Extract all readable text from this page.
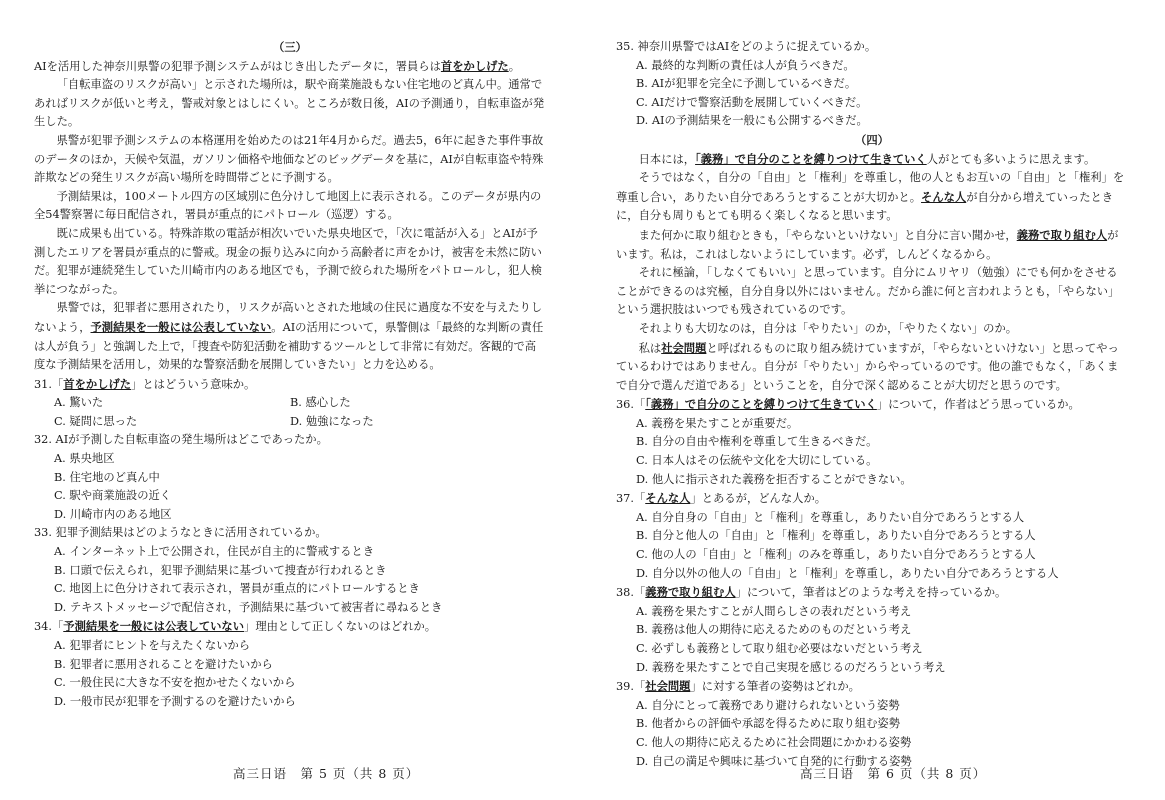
（三）

AIを活用した神奈川県警の犯罪予測システムがはじき出したデータに，署員らは首をかしげた。

「自転車盗のリスクが高い」と示された場所は，駅や商業施設もない住宅地のど真ん中。通常であればリスクが低いと考え，警戒対象とはしにくい。ところが数日後，AIの予測通り，自転車盗が発生した。

県警が犯罪予測システムの本格運用を始めたのは21年4月からだ。過去5，6年に起きた事件事故のデータのほか，天候や気温，ガソリン価格や地価などのビッグデータを基に，AIが自転車盗や特殊詐欺などの発生リスクが高い場所を時間帯ごとに予測する。

予測結果は，100メートル四方の区域別に色分けして地図上に表示される。このデータが県内の全54警察署に毎日配信され，署員が重点的にパトロール（巡逻）する。

既に成果も出ている。特殊詐欺の電話が相次いでいた県央地区で，「次に電話が入る」とAIが予測したエリアを署員が重点的に警戒。現金の振り込みに向かう高齢者に声をかけ，被害を未然に防いだ。犯罪が連続発生していた川崎市内のある地区でも，予測で絞られた場所をパトロールし，犯人検挙につながった。

県警では，犯罪者に悪用されたり，リスクが高いとされた地域の住民に過度な不安を与えたりしないよう，予測結果を一般には公表していない。AIの活用について，県警側は「最終的な判断の責任は人が負う」と強調した上で，「捜査や防犯活動を補助するツールとして非常に有効だ。客観的で高度な予測結果を活用し，効果的な警察活動を展開していきたい」と力を込める。

31.「首をかしげた」とはどういう意味か。
A. 驚いた	B. 感心した
C. 疑問に思った	D. 勉強になった
32. AIが予測した自転車盗の発生場所はどこであったか。
A. 県央地区
B. 住宅地のど真ん中
C. 駅や商業施設の近く
D. 川崎市内のある地区
33. 犯罪予測結果はどのようなときに活用されているか。
A. インターネット上で公開され，住民が自主的に警戒するとき
B. 口頭で伝えられ，犯罪予測結果に基づいて捜査が行われるとき
C. 地図上に色分けされて表示され，署員が重点的にパトロールするとき
D. テキストメッセージで配信され，予測結果に基づいて被害者に尋ねるとき
34.「予測結果を一般には公表していない」理由として正しくないのはどれか。
A. 犯罪者にヒントを与えたくないから
B. 犯罪者に悪用されることを避けたいから
C. 一般住民に大きな不安を抱かせたくないから
D. 一般市民が犯罪を予測するのを避けたいから
35. 神奈川県警ではAIをどのように捉えているか。
A. 最終的な判断の責任は人が負うべきだ。
B. AIが犯罪を完全に予測しているべきだ。
C. AIだけで警察活動を展開していくべきだ。
D. AIの予測結果を一般にも公開するべきだ。
（四）

日本には，「義務」で自分のことを縛りつけて生きていく人がとても多いように思えます。

そうではなく，自分の「自由」と「権利」を尊重し，他の人ともお互いの「自由」と「権利」を尊重し合い，ありたい自分であろうとすることが大切かと。そんな人が自分から増えていったときに，自分も周りもとても明るく楽しくなると思います。

また何かに取り組むときも，「やらないといけない」と自分に言い聞かせ，義務で取り組む人がいます。私は，これはしないようにしています。必ず，しんどくなるから。

それに極論，「しなくてもいい」と思っています。自分にムリヤリ（勉強）にでも何かをさせることができるのは究極，自分自身以外にはいません。だから誰に何と言われようとも，「やらない」という選択肢はいつでも残されているのです。

それよりも大切なのは，自分は「やりたい」のか，「やりたくない」のか。

私は社会問題と呼ばれるものに取り組み続けていますが，「やらないといけない」と思ってやっているわけではありません。自分が「やりたい」からやっているのです。他の誰でもなく，「あくまで自分で選んだ道である」ということを，自分で深く認めることが大切だと思うのです。

36.「「義務」で自分のことを縛りつけて生きていく」について，作者はどう思っているか。
A. 義務を果たすことが重要だ。
B. 自分の自由や権利を尊重して生きるべきだ。
C. 日本人はその伝統や文化を大切にしている。
D. 他人に指示された義務を拒否することができない。
37.「そんな人」とあるが，どんな人か。
A. 自分自身の「自由」と「権利」を尊重し，ありたい自分であろうとする人
B. 自分と他人の「自由」と「権利」を尊重し，ありたい自分であろうとする人
C. 他の人の「自由」と「権利」のみを尊重し，ありたい自分であろうとする人
D. 自分以外の他人の「自由」と「権利」を尊重し，ありたい自分であろうとする人
38.「義務で取り組む人」について，筆者はどのような考えを持っているか。
A. 義務を果たすことが人間らしさの表れだという考え
B. 義務は他人の期待に応えるためのものだという考え
C. 必ずしも義務として取り組む必要はないだという考え
D. 義務を果たすことで自己実現を感じるのだろうという考え
39.「社会問題」に対する筆者の姿勢はどれか。
A. 自分にとって義務であり避けられないという姿勢
B. 他者からの評価や承認を得るために取り組む姿勢
C. 他人の期待に応えるために社会問題にかかわる姿勢
D. 自己の満足や興味に基づいて自発的に行動する姿勢
高三日语　第 5 页（共 8 页）	高三日语　第 6 页（共 8 页）
